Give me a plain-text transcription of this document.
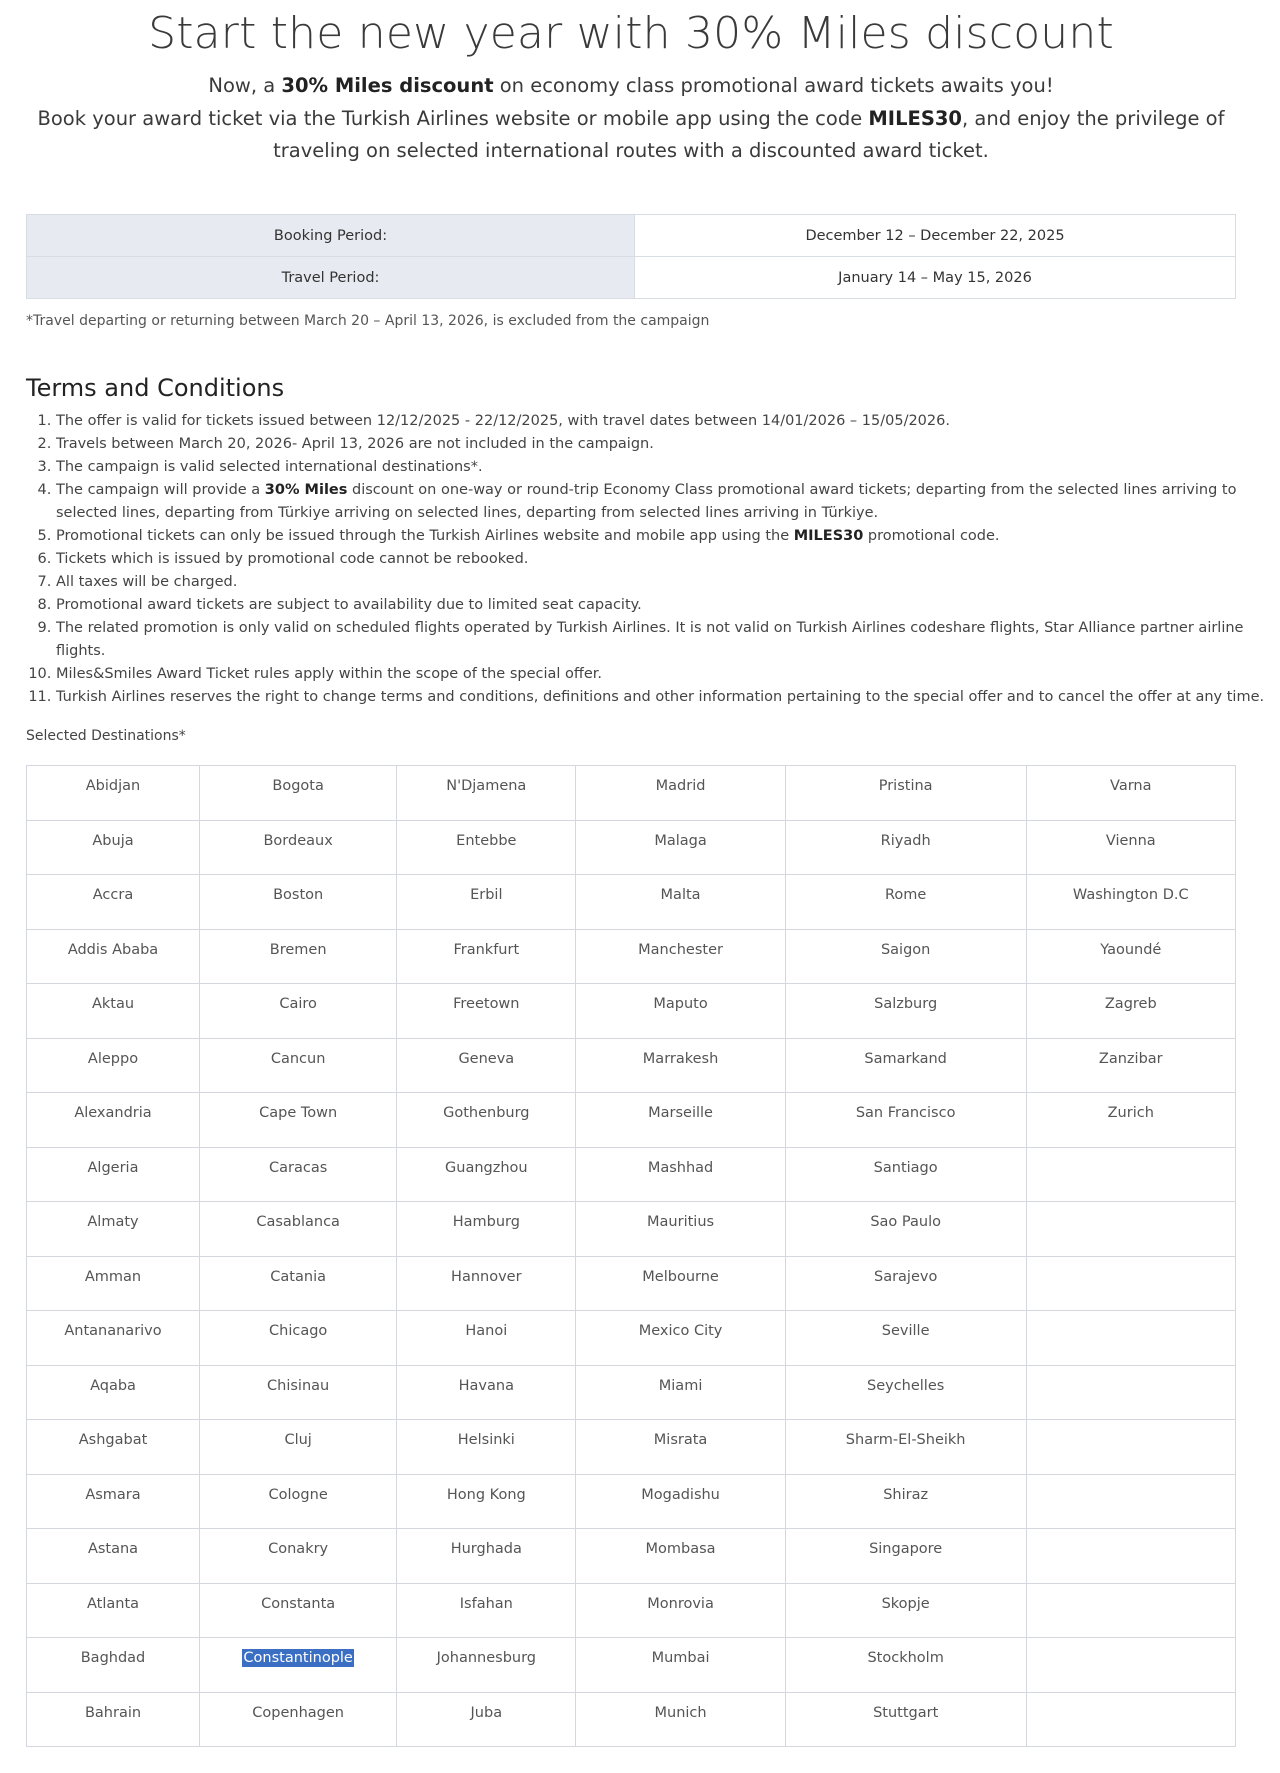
Start the new year with 30% Miles discount
Now, a 30% Miles discount on economy class promotional award tickets awaits you!
Book your award ticket via the Turkish Airlines website or mobile app using the code MILES30, and enjoy the privilege of traveling on selected international routes with a discounted award ticket.
Booking Period:	December 12 – December 22, 2025
Travel Period:	January 14 – May 15, 2026
*Travel departing or returning between March 20 – April 13, 2026, is excluded from the campaign
Terms and Conditions
1. The offer is valid for tickets issued between 12/12/2025 - 22/12/2025, with travel dates between 14/01/2026 – 15/05/2026.
2. Travels between March 20, 2026- April 13, 2026 are not included in the campaign.
3. The campaign is valid selected international destinations*.
4. The campaign will provide a 30% Miles discount on one-way or round-trip Economy Class promotional award tickets; departing from the selected lines arriving to selected lines, departing from Türkiye arriving on selected lines, departing from selected lines arriving in Türkiye.
5. Promotional tickets can only be issued through the Turkish Airlines website and mobile app using the MILES30 promotional code.
6. Tickets which is issued by promotional code cannot be rebooked.
7. All taxes will be charged.
8. Promotional award tickets are subject to availability due to limited seat capacity.
9. The related promotion is only valid on scheduled flights operated by Turkish Airlines. It is not valid on Turkish Airlines codeshare flights, Star Alliance partner airline flights.
10. Miles&Smiles Award Ticket rules apply within the scope of the special offer.
11. Turkish Airlines reserves the right to change terms and conditions, definitions and other information pertaining to the special offer and to cancel the offer at any time.
Selected Destinations*
Abidjan	Bogota	N'Djamena	Madrid	Pristina	Varna
Abuja	Bordeaux	Entebbe	Malaga	Riyadh	Vienna
Accra	Boston	Erbil	Malta	Rome	Washington D.C
Addis Ababa	Bremen	Frankfurt	Manchester	Saigon	Yaoundé
Aktau	Cairo	Freetown	Maputo	Salzburg	Zagreb
Aleppo	Cancun	Geneva	Marrakesh	Samarkand	Zanzibar
Alexandria	Cape Town	Gothenburg	Marseille	San Francisco	Zurich
Algeria	Caracas	Guangzhou	Mashhad	Santiago	
Almaty	Casablanca	Hamburg	Mauritius	Sao Paulo	
Amman	Catania	Hannover	Melbourne	Sarajevo	
Antananarivo	Chicago	Hanoi	Mexico City	Seville	
Aqaba	Chisinau	Havana	Miami	Seychelles	
Ashgabat	Cluj	Helsinki	Misrata	Sharm-El-Sheikh	
Asmara	Cologne	Hong Kong	Mogadishu	Shiraz	
Astana	Conakry	Hurghada	Mombasa	Singapore	
Atlanta	Constanta	Isfahan	Monrovia	Skopje	
Baghdad	Constantinople	Johannesburg	Mumbai	Stockholm	
Bahrain	Copenhagen	Juba	Munich	Stuttgart	
